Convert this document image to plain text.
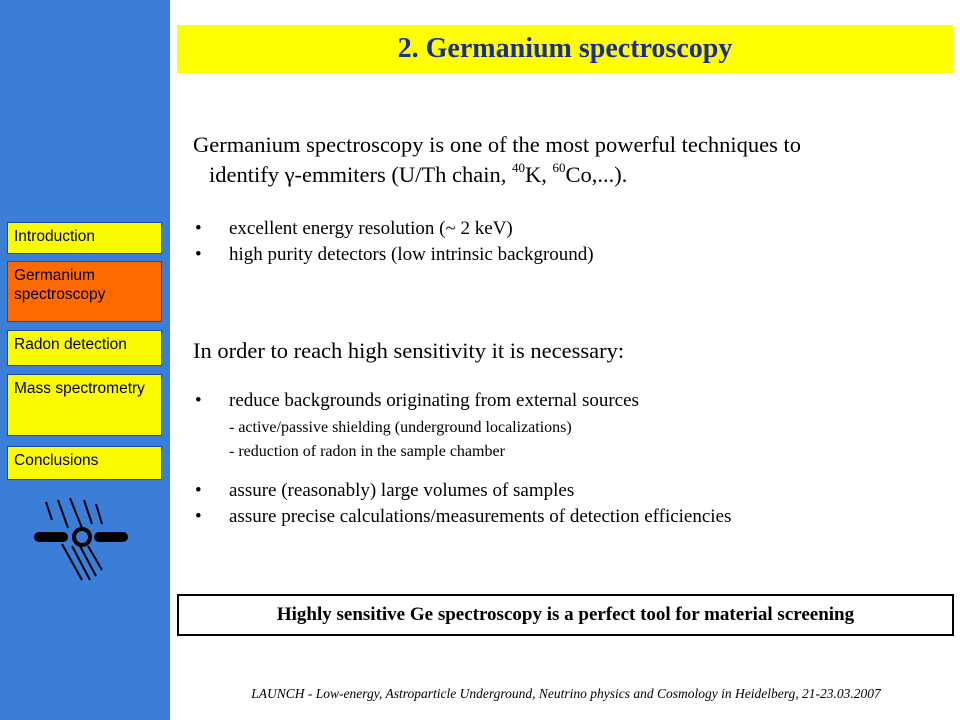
Introduction
Germanium spectroscopy
Radon detection
Mass spectrometry
Conclusions
2. Germanium spectroscopy
Germanium spectroscopy is one of the most powerful techniques to
identify γ-emmiters (U/Th chain, $^{40}$K, $^{60}$Co,...).
• excellent energy resolution (~ 2 keV)
• high purity detectors (low intrinsic background)
In order to reach high sensitivity it is necessary:
• reduce backgrounds originating from external sources
- active/passive shielding (underground localizations)
- reduction of radon in the sample chamber
• assure (reasonably) large volumes of samples
• assure precise calculations/measurements of detection efficiencies
Highly sensitive Ge spectroscopy is a perfect tool for material screening
LAUNCH - Low-energy, Astroparticle Underground, Neutrino physics and Cosmology in Heidelberg, 21-23.03.2007
